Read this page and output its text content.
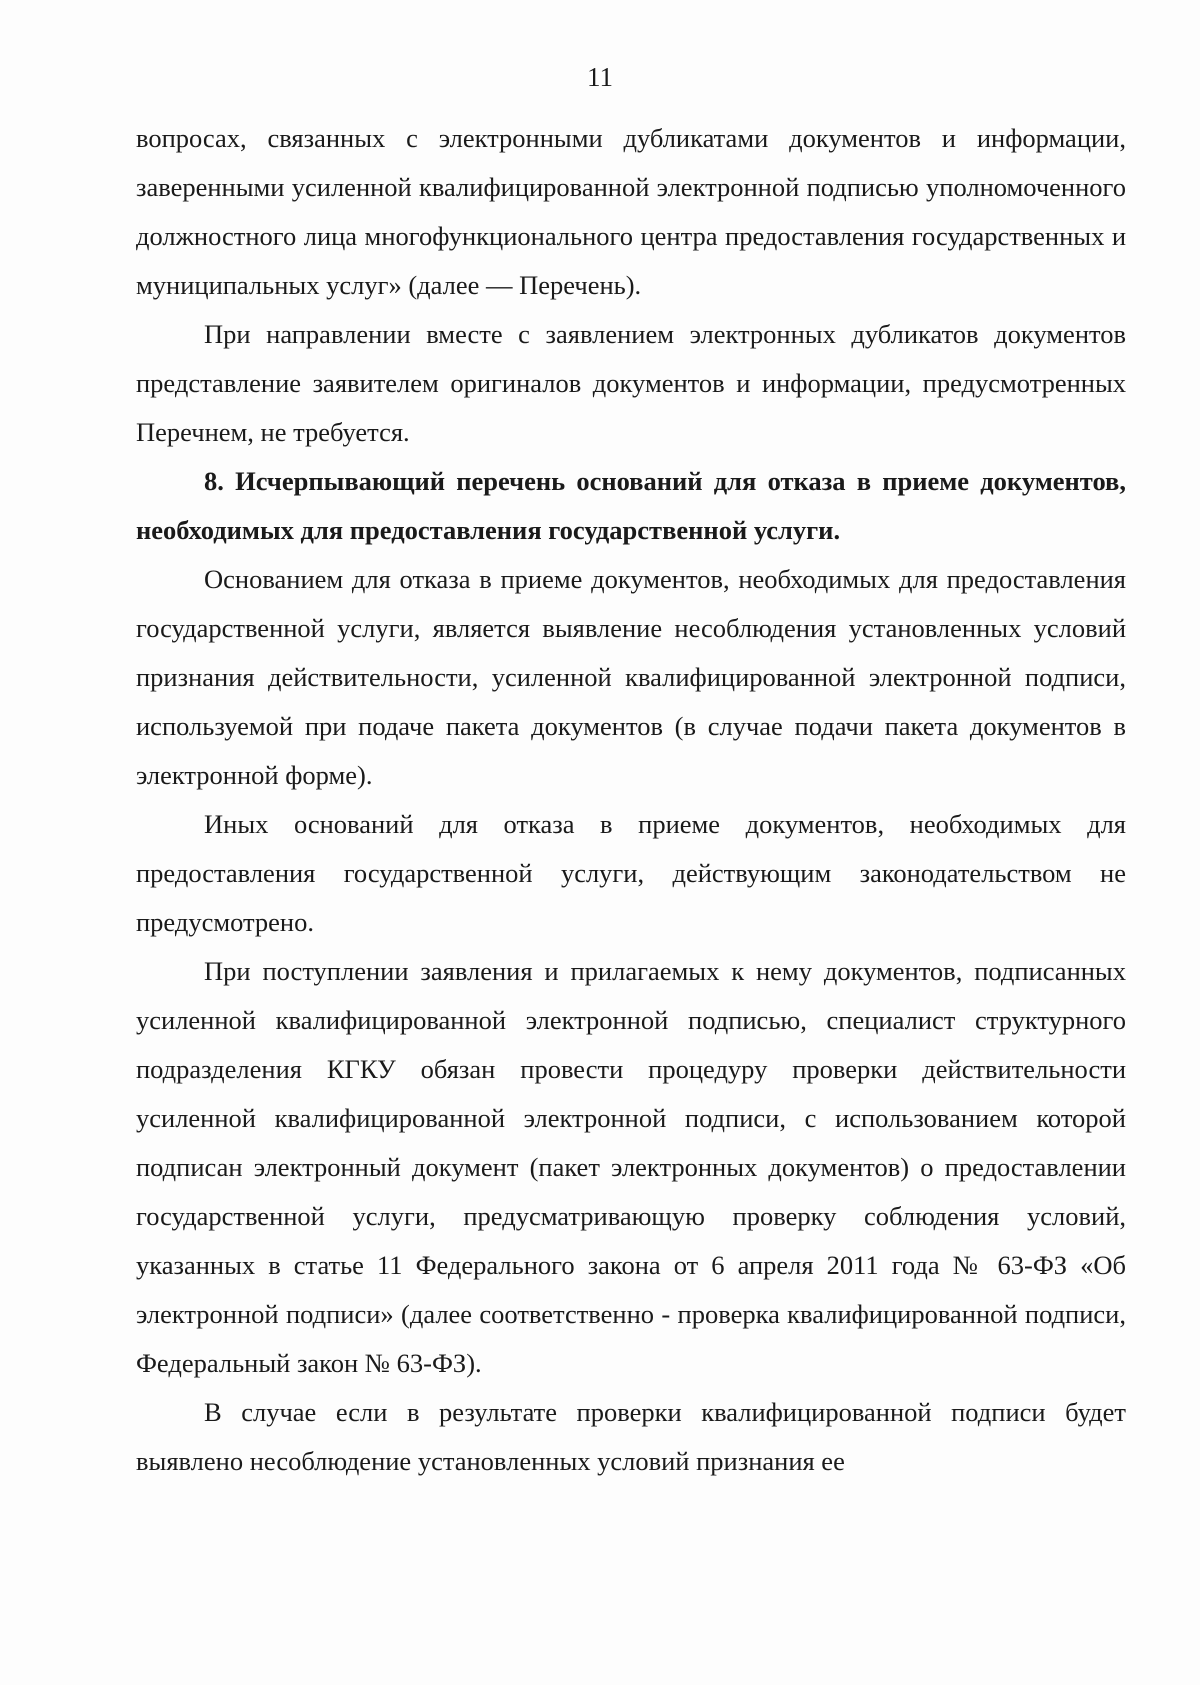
11

вопросах, связанных с электронными дубликатами документов и информации, заверенными усиленной квалифицированной электронной подписью уполномоченного должностного лица многофункционального центра предоставления государственных и муниципальных услуг» (далее — Перечень).

При направлении вместе с заявлением электронных дубликатов документов представление заявителем оригиналов документов и информации, предусмотренных Перечнем, не требуется.

8. Исчерпывающий перечень оснований для отказа в приеме документов, необходимых для предоставления государственной услуги.

Основанием для отказа в приеме документов, необходимых для предоставления государственной услуги, является выявление несоблюдения установленных условий признания действительности, усиленной квалифицированной электронной подписи, используемой при подаче пакета документов (в случае подачи пакета документов в электронной форме).

Иных оснований для отказа в приеме документов, необходимых для предоставления государственной услуги, действующим законодательством не предусмотрено.

При поступлении заявления и прилагаемых к нему документов, подписанных усиленной квалифицированной электронной подписью, специалист структурного подразделения КГКУ обязан провести процедуру проверки действительности усиленной квалифицированной электронной подписи, с использованием которой подписан электронный документ (пакет электронных документов) о предоставлении государственной услуги, предусматривающую проверку соблюдения условий, указанных в статье 11 Федерального закона от 6 апреля 2011 года № 63-ФЗ «Об электронной подписи» (далее соответственно - проверка квалифицированной подписи, Федеральный закон № 63-ФЗ).

В случае если в результате проверки квалифицированной подписи будет выявлено несоблюдение установленных условий признания ее
